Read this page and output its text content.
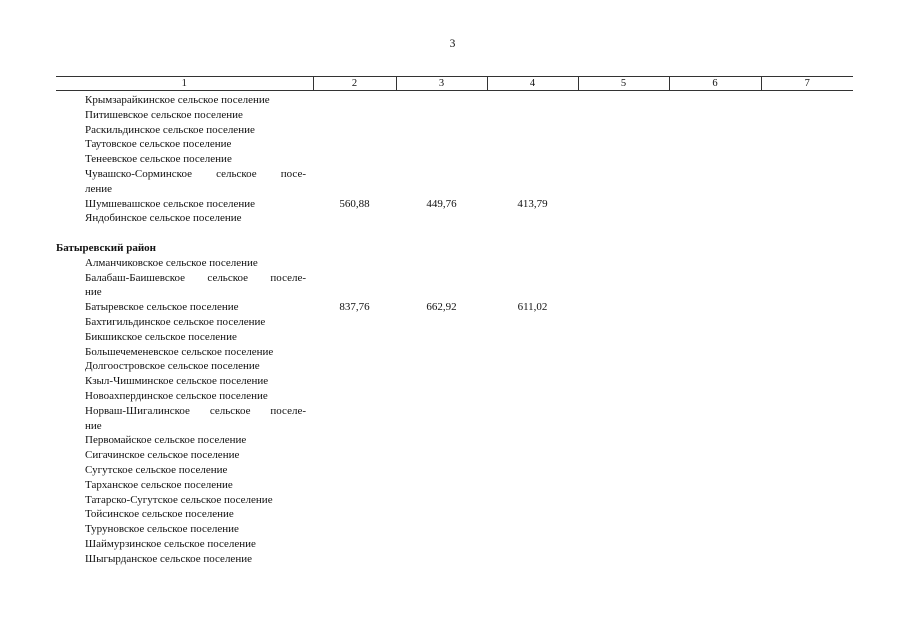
3
1	2	3	4	5	6	7
Крымзарайкинское сельское поселение
Питишевское сельское поселение
Раскильдинское сельское поселение
Таутовское сельское поселение
Тенеевское сельское поселение
Чувашско-Сорминское сельское посе-
ление
Шумшевашское сельское поселение	560,88	449,76	413,79
Яндобинское сельское поселение
Батыревский район
Алманчиковское сельское поселение
Балабаш-Баишевское сельское поселе-
ние
Батыревское сельское поселение	837,76	662,92	611,02
Бахтигильдинское сельское поселение
Бикшикское сельское поселение
Большечеменевское сельское поселение
Долгоостровское сельское поселение
Кзыл-Чишминское сельское поселение
Новоахпердинское сельское поселение
Норваш-Шигалинское сельское поселе-
ние
Первомайское сельское поселение
Сигачинское сельское поселение
Сугутское сельское поселение
Тарханское сельское поселение
Татарско-Сугутское сельское поселение
Тойсинское сельское поселение
Туруновское сельское поселение
Шаймурзинское сельское поселение
Шыгырданское сельское поселение
